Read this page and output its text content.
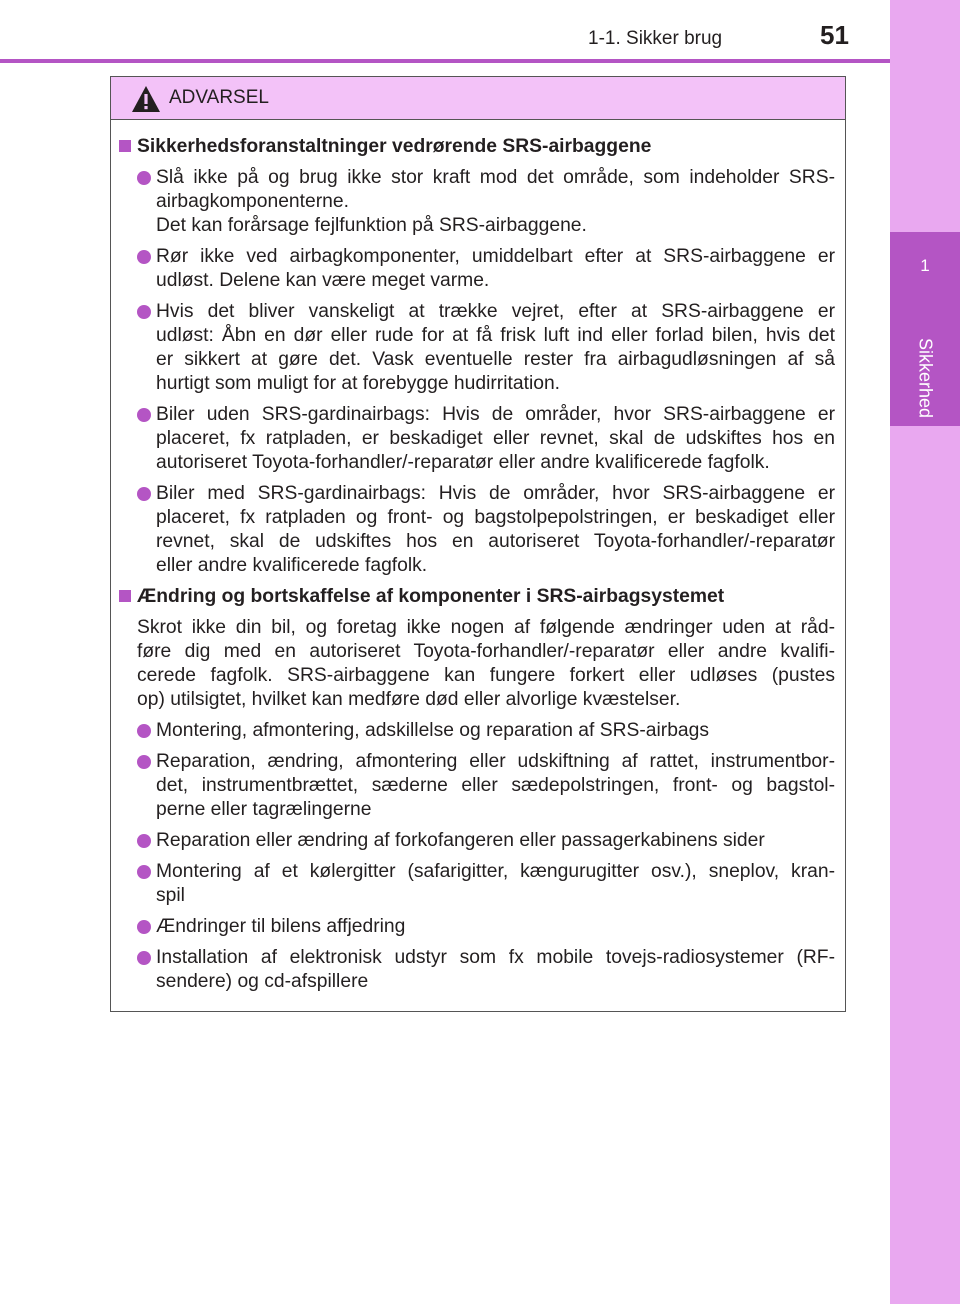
1
Sikkerhed
1-1. Sikker brug	51
ADVARSEL
Sikkerhedsforanstaltninger vedrørende SRS-airbaggene
Slå ikke på og brug ikke stor kraft mod det område, som indeholder SRS-
airbagkomponenterne.
Det kan forårsage fejlfunktion på SRS-airbaggene.
Rør ikke ved airbagkomponenter, umiddelbart efter at SRS-airbaggene er
udløst. Delene kan være meget varme.
Hvis det bliver vanskeligt at trække vejret, efter at SRS-airbaggene er
udløst: Åbn en dør eller rude for at få frisk luft ind eller forlad bilen, hvis det
er sikkert at gøre det. Vask eventuelle rester fra airbagudløsningen af så
hurtigt som muligt for at forebygge hudirritation.
Biler uden SRS-gardinairbags: Hvis de områder, hvor SRS-airbaggene er
placeret, fx ratpladen, er beskadiget eller revnet, skal de udskiftes hos en
autoriseret Toyota-forhandler/-reparatør eller andre kvalificerede fagfolk.
Biler med SRS-gardinairbags: Hvis de områder, hvor SRS-airbaggene er
placeret, fx ratpladen og front- og bagstolpepolstringen, er beskadiget eller
revnet, skal de udskiftes hos en autoriseret Toyota-forhandler/-reparatør
eller andre kvalificerede fagfolk.
Ændring og bortskaffelse af komponenter i SRS-airbagsystemet
Skrot ikke din bil, og foretag ikke nogen af følgende ændringer uden at råd-
føre dig med en autoriseret Toyota-forhandler/-reparatør eller andre kvalifi-
cerede fagfolk. SRS-airbaggene kan fungere forkert eller udløses (pustes
op) utilsigtet, hvilket kan medføre død eller alvorlige kvæstelser.
Montering, afmontering, adskillelse og reparation af SRS-airbags
Reparation, ændring, afmontering eller udskiftning af rattet, instrumentbor-
det, instrumentbrættet, sæderne eller sædepolstringen, front- og bagstol-
perne eller tagrælingerne
Reparation eller ændring af forkofangeren eller passagerkabinens sider
Montering af et kølergitter (safarigitter, kængurugitter osv.), sneplov, kran-
spil
Ændringer til bilens affjedring
Installation af elektronisk udstyr som fx mobile tovejs-radiosystemer (RF-
sendere) og cd-afspillere
